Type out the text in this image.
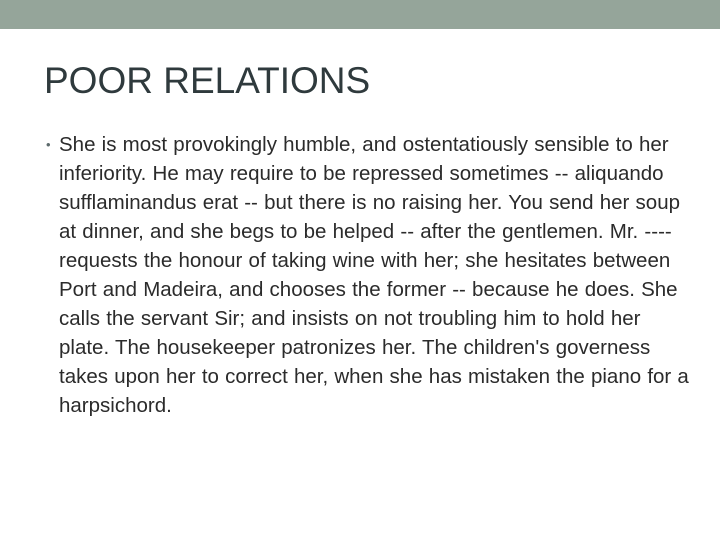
POOR RELATIONS
• She is most provokingly humble, and ostentatiously sensible to her inferiority. He may require to be repressed sometimes -- aliquando sufflaminandus erat -- but there is no raising her. You send her soup at dinner, and she begs to be helped -- after the gentlemen. Mr. ---- requests the honour of taking wine with her; she hesitates between Port and Madeira, and chooses the former -- because he does. She calls the servant Sir; and insists on not troubling him to hold her plate. The housekeeper patronizes her. The children's governess takes upon her to correct her, when she has mistaken the piano for a harpsichord.
